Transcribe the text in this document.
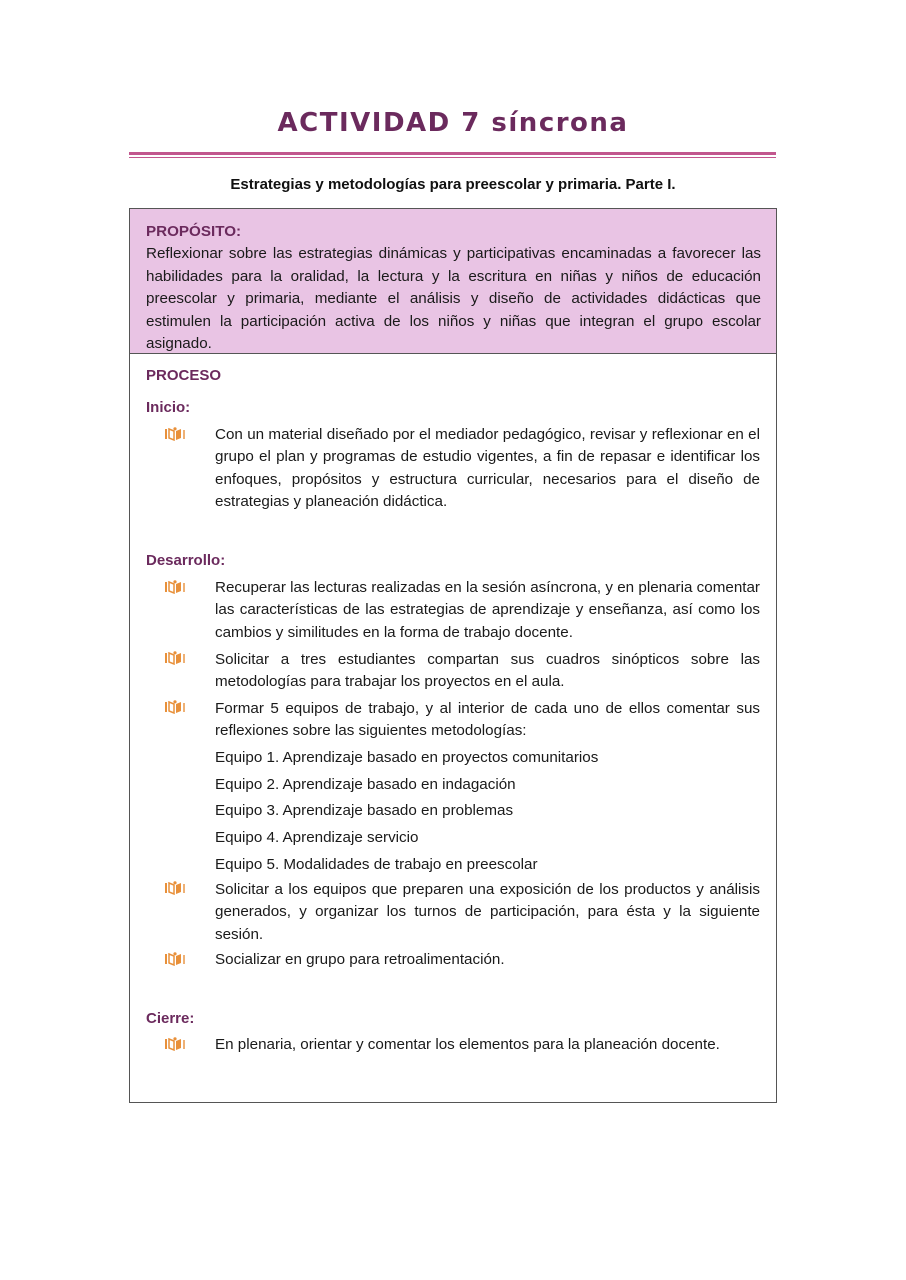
ACTIVIDAD 7 síncrona
Estrategias y metodologías para preescolar y primaria. Parte I.
PROPÓSITO:
Reflexionar sobre las estrategias dinámicas y participativas encaminadas a favorecer las habilidades para la oralidad, la lectura y la escritura en niñas y niños de educación preescolar y primaria, mediante el análisis y diseño de actividades didácticas que estimulen la participación activa de los niños y niñas que integran el grupo escolar asignado.
PROCESO
Inicio:
Con un material diseñado por el mediador pedagógico, revisar y reflexionar en el grupo el plan y programas de estudio vigentes, a fin de repasar e identificar los enfoques, propósitos y estructura curricular, necesarios para el diseño de estrategias y planeación didáctica.
Desarrollo:
Recuperar las lecturas realizadas en la sesión asíncrona, y en plenaria comentar las características de las estrategias de aprendizaje y enseñanza, así como los cambios y similitudes en la forma de trabajo docente.
Solicitar a tres estudiantes compartan sus cuadros sinópticos sobre las metodologías para trabajar los proyectos en el aula.
Formar 5 equipos de trabajo, y al interior de cada uno de ellos comentar sus reflexiones sobre las siguientes metodologías:
Equipo 1. Aprendizaje basado en proyectos comunitarios
Equipo 2. Aprendizaje basado en indagación
Equipo 3. Aprendizaje basado en problemas
Equipo 4. Aprendizaje servicio
Equipo 5. Modalidades de trabajo en preescolar
Solicitar a los equipos que preparen una exposición de los productos y análisis generados, y organizar los turnos de participación, para ésta y la siguiente sesión.
Socializar en grupo para retroalimentación.
Cierre:
En plenaria, orientar y comentar los elementos para la planeación docente.
